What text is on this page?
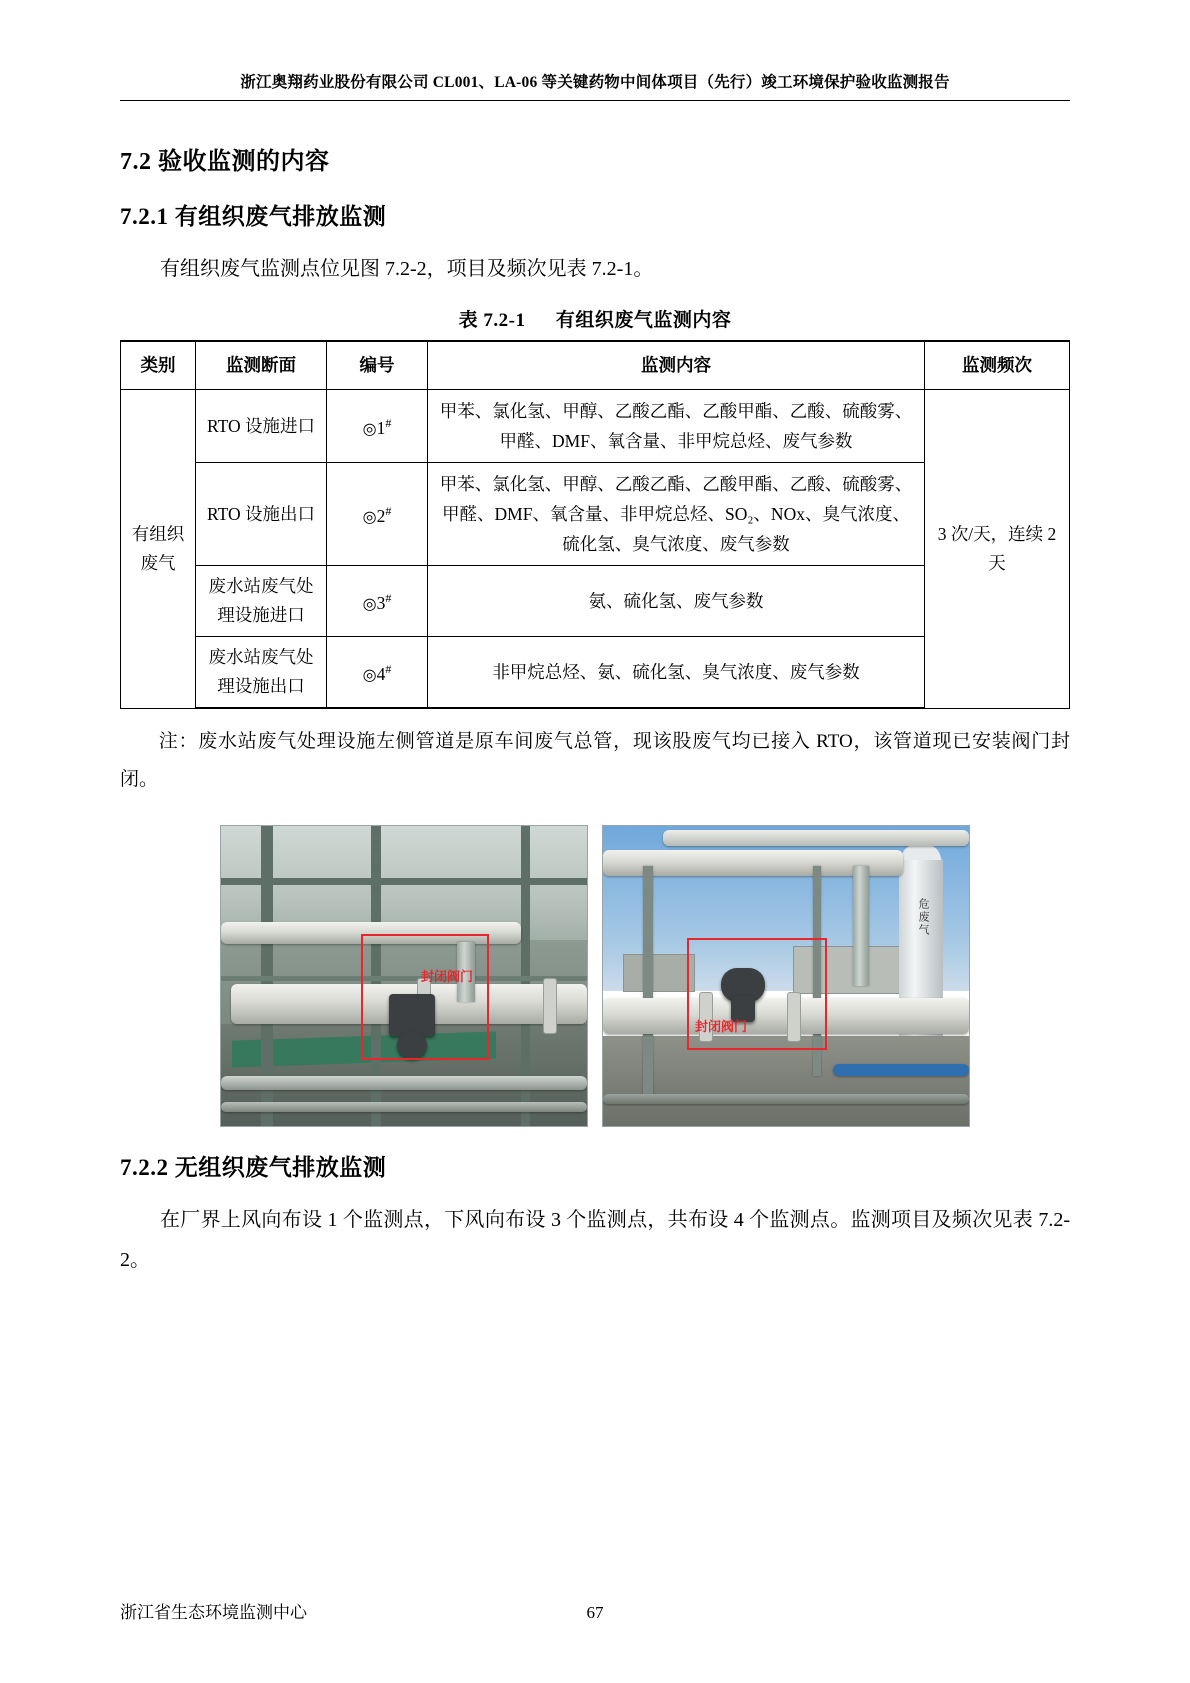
浙江奥翔药业股份有限公司 CL001、LA-06 等关键药物中间体项目（先行）竣工环境保护验收监测报告
7.2 验收监测的内容
7.2.1 有组织废气排放监测

有组织废气监测点位见图 7.2-2，项目及频次见表 7.2-1。

表 7.2-1 有组织废气监测内容
类别	监测断面	编号	监测内容	监测频次
有组织废气	RTO 设施进口	◎1#	甲苯、氯化氢、甲醇、乙酸乙酯、乙酸甲酯、乙酸、硫酸雾、甲醛、DMF、氧含量、非甲烷总烃、废气参数	3 次/天，连续 2 天
	RTO 设施出口	◎2#	甲苯、氯化氢、甲醇、乙酸乙酯、乙酸甲酯、乙酸、硫酸雾、甲醛、DMF、氧含量、非甲烷总烃、SO₂、NOx、臭气浓度、硫化氢、臭气浓度、废气参数	
	废水站废气处理设施进口	◎3#	氨、硫化氢、废气参数	
	废水站废气处理设施出口	◎4#	非甲烷总烃、氨、硫化氢、臭气浓度、废气参数	

注：废水站废气处理设施左侧管道是原车间废气总管，现该股废气均已接入 RTO，该管道现已安装阀门封闭。

封闭阀门
危废气
封闭阀门
7.2.2 无组织废气排放监测

在厂界上风向布设 1 个监测点，下风向布设 3 个监测点，共布设 4 个监测点。监测项目及频次见表 7.2-2。

浙江省生态环境监测中心	67
